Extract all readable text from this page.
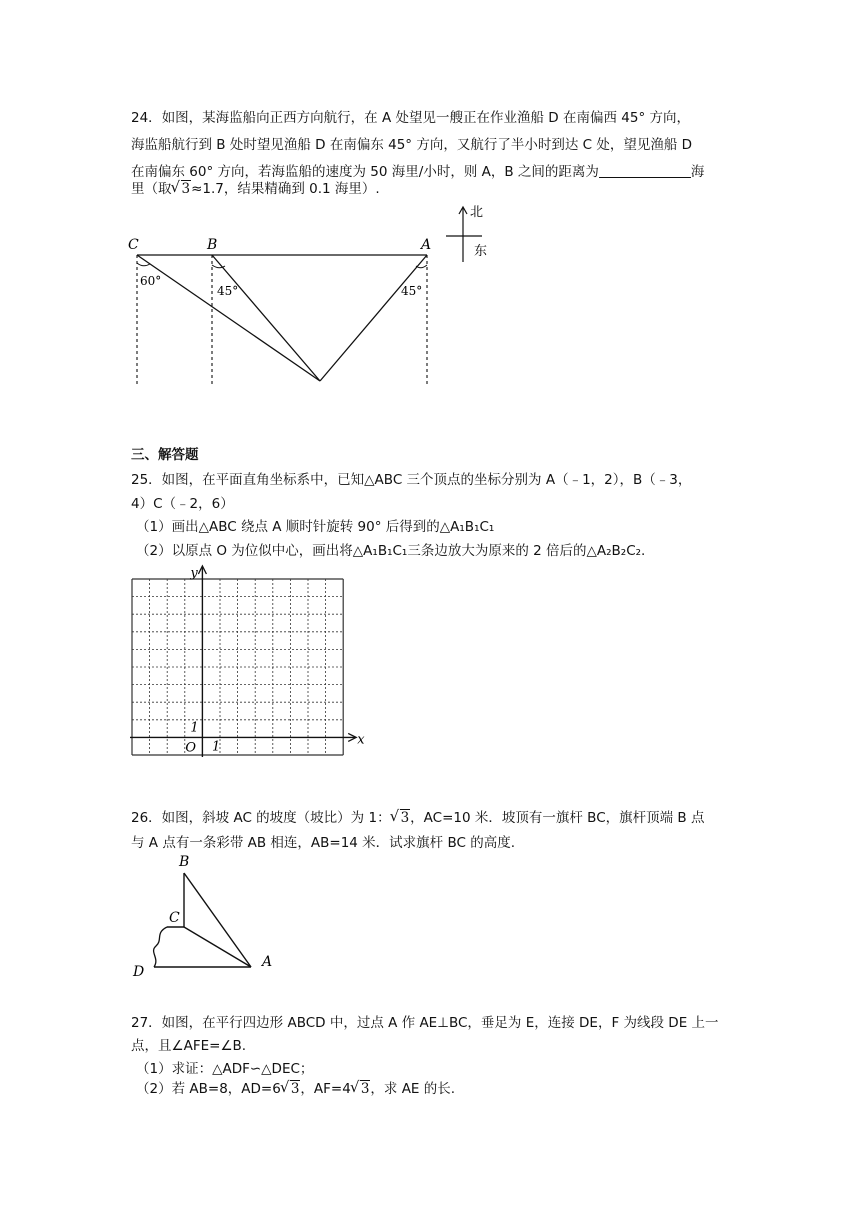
24．如图，某海监船向正西方向航行，在 A 处望见一艘正在作业渔船 D 在南偏西 45° 方向，
海监船航行到 B 处时望见渔船 D 在南偏东 45° 方向，又航行了半小时到达 C 处，望见渔船 D
在南偏东 60° 方向，若海监船的速度为 50 海里/小时，则 A，B 之间的距离为	海
里（取 √ 3≈1.7，结果精确到 0.1 海里）.
北
东
C	B	A
60°
45°	45°
三、解答题
25．如图，在平面直角坐标系中，已知△ABC 三个顶点的坐标分别为 A（﹣1，2），B（﹣3，
4）C（﹣2，6）
（1）画出△ABC 绕点 A 顺时针旋转 90° 后得到的△A₁B₁C₁
（2）以原点 O 为位似中心，画出将△A₁B₁C₁三条边放大为原来的 2 倍后的△A₂B₂C₂.
y
x
O 1
1
26．如图，斜坡 AC 的坡度（坡比）为 1： √ 3，AC=10 米．坡顶有一旗杆 BC，旗杆顶端 B 点
与 A 点有一条彩带 AB 相连，AB=14 米．试求旗杆 BC 的高度.
B
C
D
A
27．如图，在平行四边形 ABCD 中，过点 A 作 AE⊥BC，垂足为 E，连接 DE，F 为线段 DE 上一
点，且∠AFE=∠B.
（1）求证：△ADF∽△DEC；
（2）若 AB=8，AD=6 √ 3，AF=4 √ 3，求 AE 的长.
